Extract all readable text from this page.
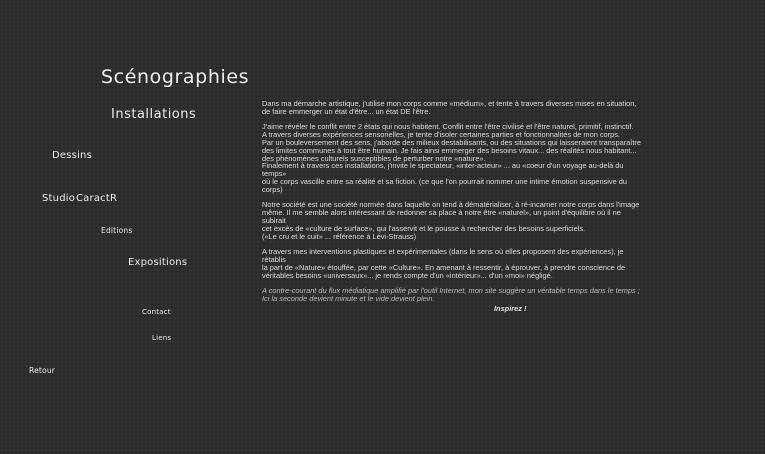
Scénographies
Installations
Dessins
Studio CaractR
Editions
Expositions
Contact
Liens
Retour

Dans ma démarche artistique, j'utilise mon corps comme «médium», et tente à travers diverses mises en situation,
de faire emmerger un état d'être... un état DE l'être.

J'aime révéler le conflit entre 2 états qui nous habitent. Conflit entre l'être civilisé et l'être naturel, primitif, instinctif.
A travers diverses expériences sensorielles, je tente d'isoler certaines parties et fonctionnalités de mon corps.
Par un bouleversement des sens, j'aborde des milieux destabilisants, ou des situations qui laisseraient transparaître
des limites communes à tout être humain. Je fais ainsi emmerger des besoins vitaux... des réalités nous habitant...
des phénomènes culturels susceptibles de perturber notre «nature».
Finalement à travers ces installations, j'invite le spectateur, «inter-acteur» ... au «coeur d'un voyage au-delà du temps»
où le corps vascille entre sa réalité et sa fiction. (ce que l'on pourrait nommer une intime émotion suspensive du corps)

Notre société est une société normée dans laquelle on tend à dématérialiser, à ré-incarner notre corps dans l'image
même. Il me semble alors intéressant de redonner sa place à notre être «naturel», un point d'équilibre où il ne subirait
cet excès de «culture de surface», qui l'asservit et le pousse à rechercher des besoins superficiels.
(«Le cru et le cuit» ... référence à Lévi-Strauss)

A travers mes interventions plastiques et expérimentales (dans le sens où elles proposent des expériences), je rétablis
la part de «Nature» étouffée, par cette «Culture». En amenant à ressentir, à éprouver, à prendre conscience de
véritables besoins «universaux»... je rends compte d'un «intérieur»... d'un «moi» négligé.

A contre-courant du flux médiatique amplifié par l'outil Internet, mon site suggère un véritable temps dans le temps ;
Ici la seconde devient minute et le vide devient plein.

Inspirez !
